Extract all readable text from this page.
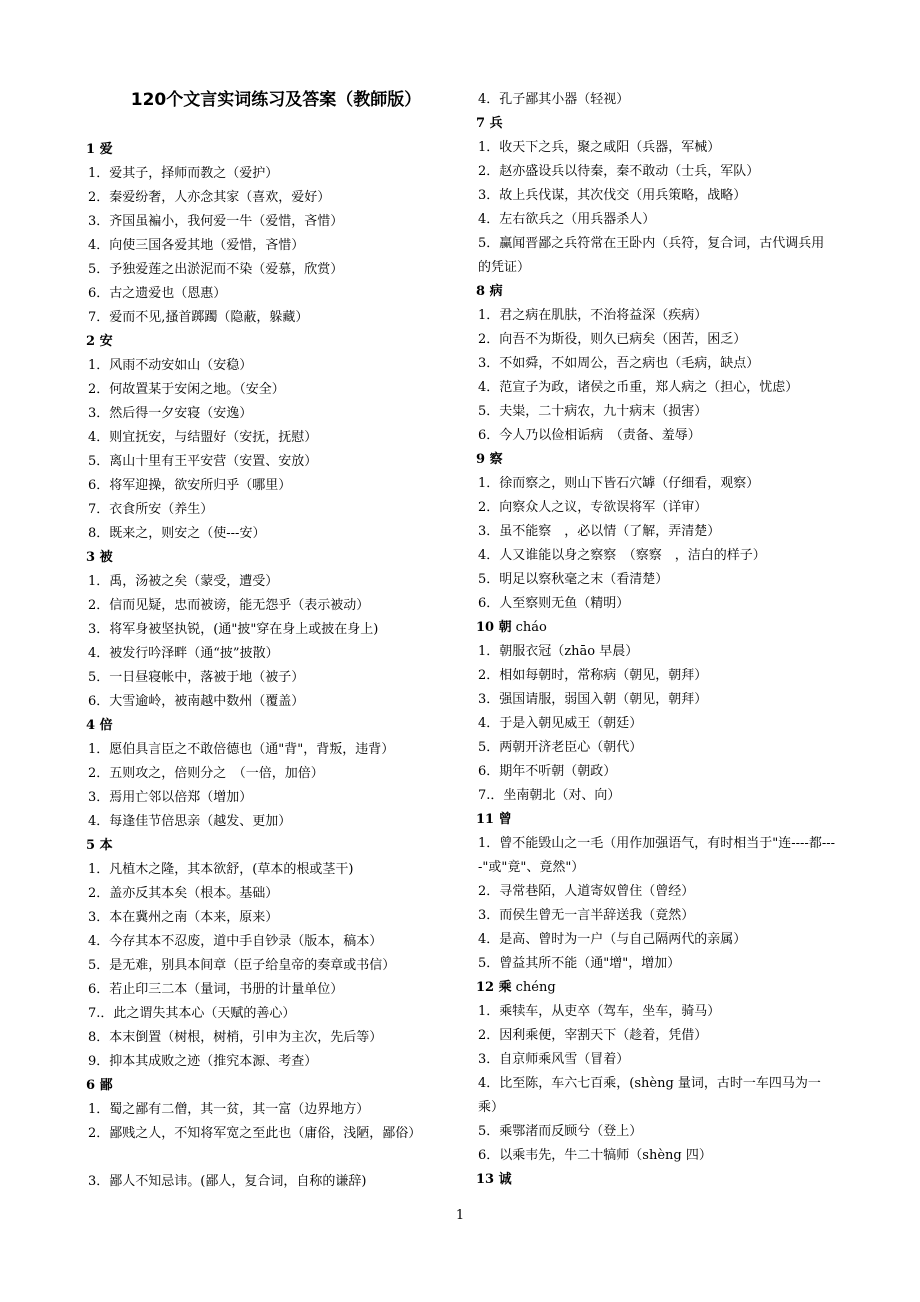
120个文言实词练习及答案（教師版）
1 爱
1．爱其子，择师而教之（爱护）
2．秦爱纷奢，人亦念其家（喜欢，爱好）
3．齐国虽褊小，我何爱一牛（爱惜，吝惜）
4．向使三国各爱其地（爱惜，吝惜）
5．予独爱莲之出淤泥而不染（爱慕，欣赏）
6．古之遗爱也（恩惠）
7．爱而不见,搔首踯躅（隐蔽，躲藏）
2 安
1．风雨不动安如山（安稳）
2．何故置某于安闲之地。（安全）
3．然后得一夕安寝（安逸）
4．则宜抚安，与结盟好（安抚，抚慰）
5．离山十里有王平安营（安置、安放）
6．将军迎操，欲安所归乎（哪里）
7．衣食所安（养生）
8．既来之，则安之（使---安）
3 被
1．禹，汤被之矣（蒙受，遭受）
2．信而见疑，忠而被谤，能无怨乎（表示被动）
3．将军身被坚执锐，(通"披"穿在身上或披在身上)
4．被发行吟泽畔（通“披”披散）
5．一日昼寝帐中，落被于地（被子）
6．大雪逾岭，被南越中数州（覆盖）
4 倍
1．愿伯具言臣之不敢倍德也（通"背"，背叛，违背）
2．五则攻之，倍则分之　（一倍，加倍）
3．焉用亡邻以倍郑（增加）
4．每逢佳节倍思亲（越发、更加）
5 本
1．凡植木之隆，其本欲舒，(草本的根或茎干)
2．盖亦反其本矣（根本。基础）
3．本在冀州之南（本来，原来）
4．今存其本不忍废，道中手自钞录（版本，稿本）
5．是无难，别具本间章（臣子给皇帝的奏章或书信）
6．若止印三二本（量词，书册的计量单位）
7.．此之谓失其本心（天赋的善心）
8．本末倒置（树根，树梢，引申为主次，先后等）
9．抑本其成败之迹（推究本源、考查）
6 鄙
1．蜀之鄙有二僧，其一贫，其一富（边界地方）
2．鄙贱之人，不知将军宽之至此也（庸俗，浅陋，鄙俗）
3．鄙人不知忌讳。(鄙人，复合词，自称的谦辞)
4．孔子鄙其小器（轻视）
7 兵
1．收天下之兵，聚之咸阳（兵器，军械）
2．赵亦盛设兵以待秦，秦不敢动（士兵，军队）
3．故上兵伐谋，其次伐交（用兵策略，战略）
4．左右欲兵之（用兵器杀人）
5．赢闻晋鄙之兵符常在王卧内（兵符，复合词，古代调兵用的凭证）
8 病
1．君之病在肌肤，不治将益深（疾病）
2．向吾不为斯役，则久已病矣（困苦，困乏）
3．不如舜，不如周公，吾之病也（毛病，缺点）
4．范宣子为政，诸侯之币重，郑人病之（担心，忧虑）
5．夫粜，二十病农，九十病末（损害）
6．今人乃以俭相诟病　（责备、羞辱）
9 察
1．徐而察之，则山下皆石穴罅（仔细看，观察）
2．向察众人之议，专欲误将军（详审）
3．虽不能察　，必以情（了解，弄清楚）
4．人又谁能以身之察察　（察察　，洁白的样子）
5．明足以察秋毫之末（看清楚）
6．人至察则无鱼（精明）
10 朝 cháo
1．朝服衣冠（zhāo 早晨）
2．相如每朝时，常称病（朝见，朝拜）
3．强国请服，弱国入朝（朝见，朝拜）
4．于是入朝见威王（朝廷）
5．两朝开济老臣心（朝代）
6．期年不听朝（朝政）
7.．坐南朝北（对、向）
11 曾
1．曾不能毁山之一毛（用作加强语气，有时相当于"连----都----"或"竟"、竟然"）
2．寻常巷陌，人道寄奴曾住（曾经）
3．而侯生曾无一言半辞送我（竟然）
4．是高、曾时为一户（与自己隔两代的亲属）
5．曾益其所不能（通"增"，增加）
12 乘 chéng
1．乘犊车，从吏卒（驾车，坐车，骑马）
2．因利乘便，宰割天下（趁着，凭借）
3．自京师乘风雪（冒着）
4．比至陈，车六七百乘，(shèng 量词，古时一车四马为一乘）
5．乘鄂渚而反顾兮（登上）
6．以乘韦先，牛二十犒师（shèng 四）
13 诚
1
